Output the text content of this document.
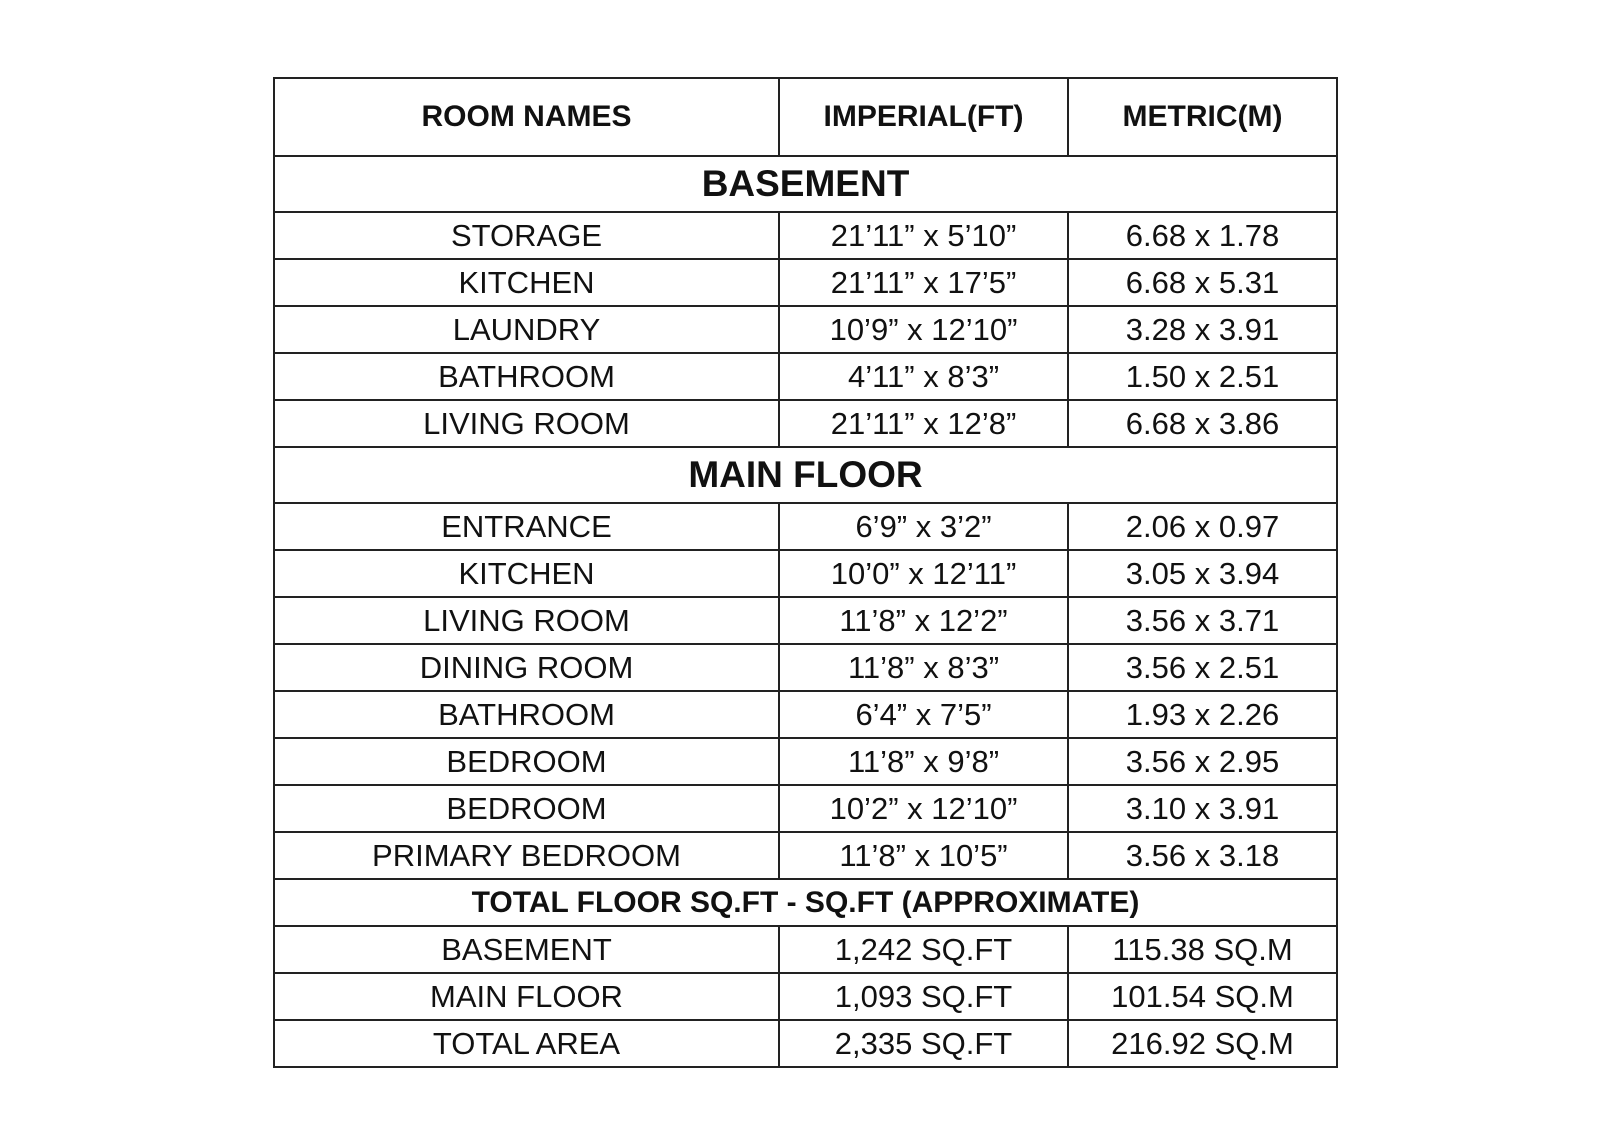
ROOM NAMES	IMPERIAL(FT)	METRIC(M)
BASEMENT		
STORAGE	21’11” x 5’10”	6.68 x 1.78
KITCHEN	21’11” x 17’5”	6.68 x 5.31
LAUNDRY	10’9” x 12’10”	3.28 x 3.91
BATHROOM	4’11” x 8’3”	1.50 x 2.51
LIVING ROOM	21’11” x 12’8”	6.68 x 3.86
MAIN FLOOR		
ENTRANCE	6’9” x 3’2”	2.06 x 0.97
KITCHEN	10’0” x 12’11”	3.05 x 3.94
LIVING ROOM	11’8” x 12’2”	3.56 x 3.71
DINING ROOM	11’8” x 8’3”	3.56 x 2.51
BATHROOM	6’4” x 7’5”	1.93 x 2.26
BEDROOM	11’8” x 9’8”	3.56 x 2.95
BEDROOM	10’2” x 12’10”	3.10 x 3.91
PRIMARY BEDROOM	11’8” x 10’5”	3.56 x 3.18
TOTAL FLOOR SQ.FT - SQ.FT (APPROXIMATE)		
BASEMENT	1,242 SQ.FT	115.38 SQ.M
MAIN FLOOR	1,093 SQ.FT	101.54 SQ.M
TOTAL AREA	2,335 SQ.FT	216.92 SQ.M
